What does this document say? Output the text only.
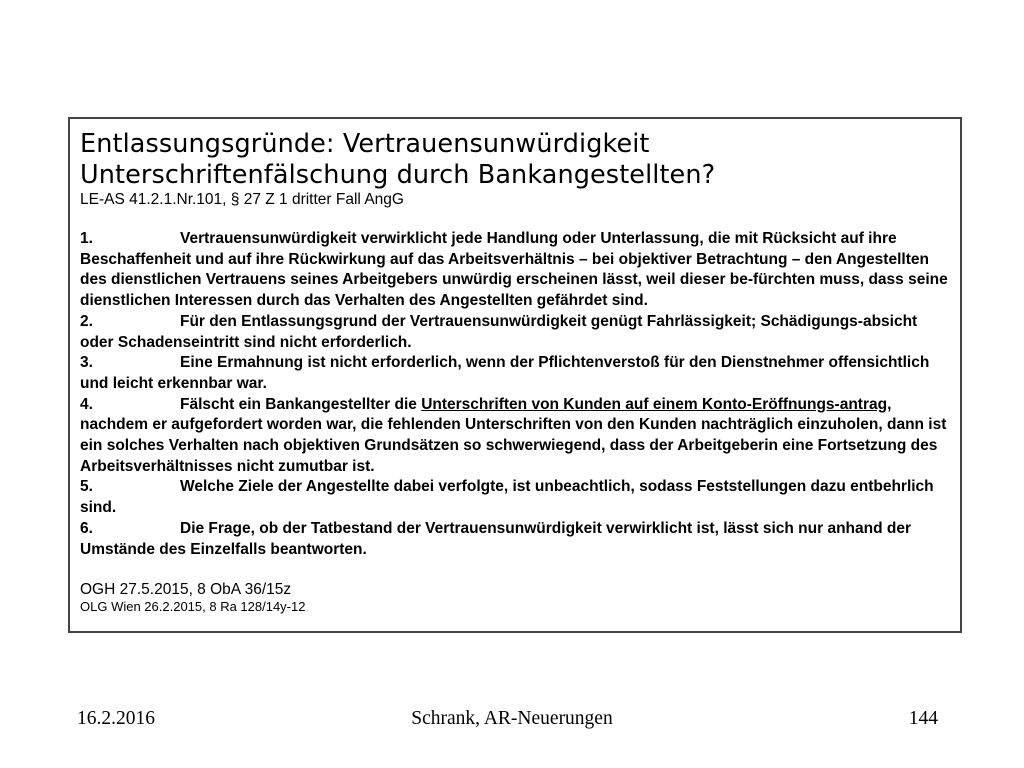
Entlassungsgründe: Vertrauensunwürdigkeit
Unterschriftenfälschung durch Bankangestellten?

LE-AS 41.2.1.Nr.101, § 27 Z 1 dritter Fall AngG

1.	Vertrauensunwürdigkeit verwirklicht jede Handlung oder Unterlassung, die mit Rücksicht auf ihre Beschaffenheit und auf ihre Rückwirkung auf das Arbeitsverhältnis – bei objektiver Betrachtung – den Angestellten des dienstlichen Vertrauens seines Arbeitgebers unwürdig erscheinen lässt, weil dieser be-fürchten muss, dass seine dienstlichen Interessen durch das Verhalten des Angestellten gefährdet sind.

2.	Für den Entlassungsgrund der Vertrauensunwürdigkeit genügt Fahrlässigkeit; Schädigungs-absicht oder Schadenseintritt sind nicht erforderlich.

3.	Eine Ermahnung ist nicht erforderlich, wenn der Pflichtenverstoß für den Dienstnehmer offensichtlich und leicht erkennbar war.

4.	Fälscht ein Bankangestellter die Unterschriften von Kunden auf einem Konto-Eröffnungs-antrag, nachdem er aufgefordert worden war, die fehlenden Unterschriften von den Kunden nachträglich einzuholen, dann ist ein solches Verhalten nach objektiven Grundsätzen so schwerwiegend, dass der Arbeitgeberin eine Fortsetzung des Arbeitsverhältnisses nicht zumutbar ist.

5.	Welche Ziele der Angestellte dabei verfolgte, ist unbeachtlich, sodass Feststellungen dazu entbehrlich sind.

6.	Die Frage, ob der Tatbestand der Vertrauensunwürdigkeit verwirklicht ist, lässt sich nur anhand der Umstände des Einzelfalls beantworten.

OGH 27.5.2015, 8 ObA 36/15z

OLG Wien 26.2.2015, 8 Ra 128/14y-12

16.2.2016	Schrank, AR-Neuerungen	144
